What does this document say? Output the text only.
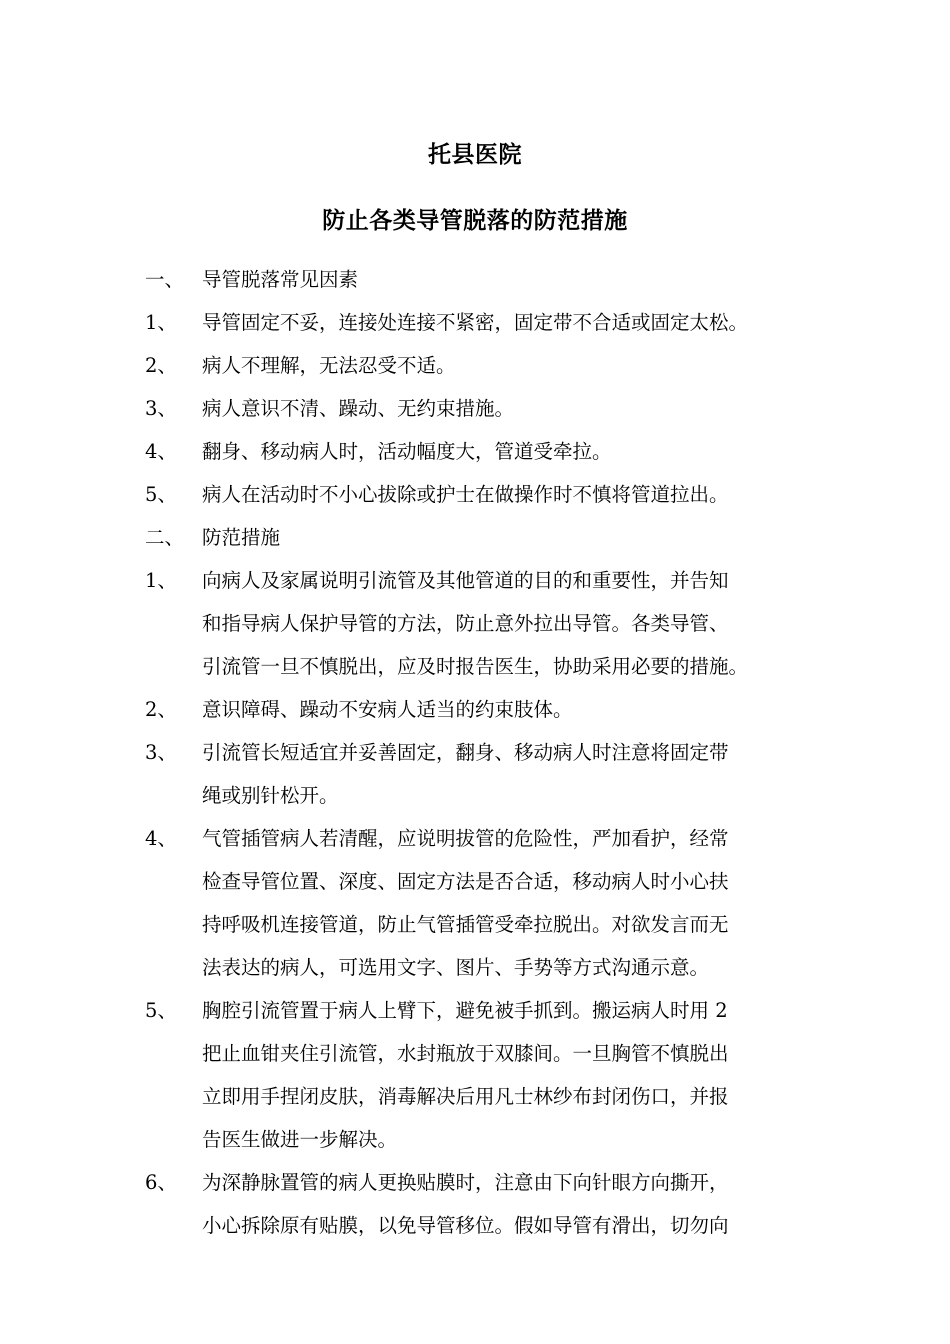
托县医院
防止各类导管脱落的防范措施
一、 导管脱落常见因素
1、	导管固定不妥，连接处连接不紧密，固定带不合适或固定太松。
2、	病人不理解，无法忍受不适。
3、	病人意识不清、躁动、无约束措施。
4、	翻身、移动病人时，活动幅度大，管道受牵拉。
5、	病人在活动时不小心拔除或护士在做操作时不慎将管道拉出。
二、 防范措施
1、	向病人及家属说明引流管及其他管道的目的和重要性，并告知
和指导病人保护导管的方法，防止意外拉出导管。各类导管、
引流管一旦不慎脱出，应及时报告医生，协助采用必要的措施。
2、	意识障碍、躁动不安病人适当的约束肢体。
3、	引流管长短适宜并妥善固定，翻身、移动病人时注意将固定带
绳或别针松开。
4、	气管插管病人若清醒，应说明拔管的危险性，严加看护，经常
检查导管位置、深度、固定方法是否合适，移动病人时小心扶
持呼吸机连接管道，防止气管插管受牵拉脱出。对欲发言而无
法表达的病人，可选用文字、图片、手势等方式沟通示意。
5、	胸腔引流管置于病人上臂下，避免被手抓到。搬运病人时用 2
把止血钳夹住引流管，水封瓶放于双膝间。一旦胸管不慎脱出
立即用手捏闭皮肤，消毒解决后用凡士林纱布封闭伤口，并报
告医生做进一步解决。
6、	为深静脉置管的病人更换贴膜时，注意由下向针眼方向撕开，
小心拆除原有贴膜，以免导管移位。假如导管有滑出，切勿向
